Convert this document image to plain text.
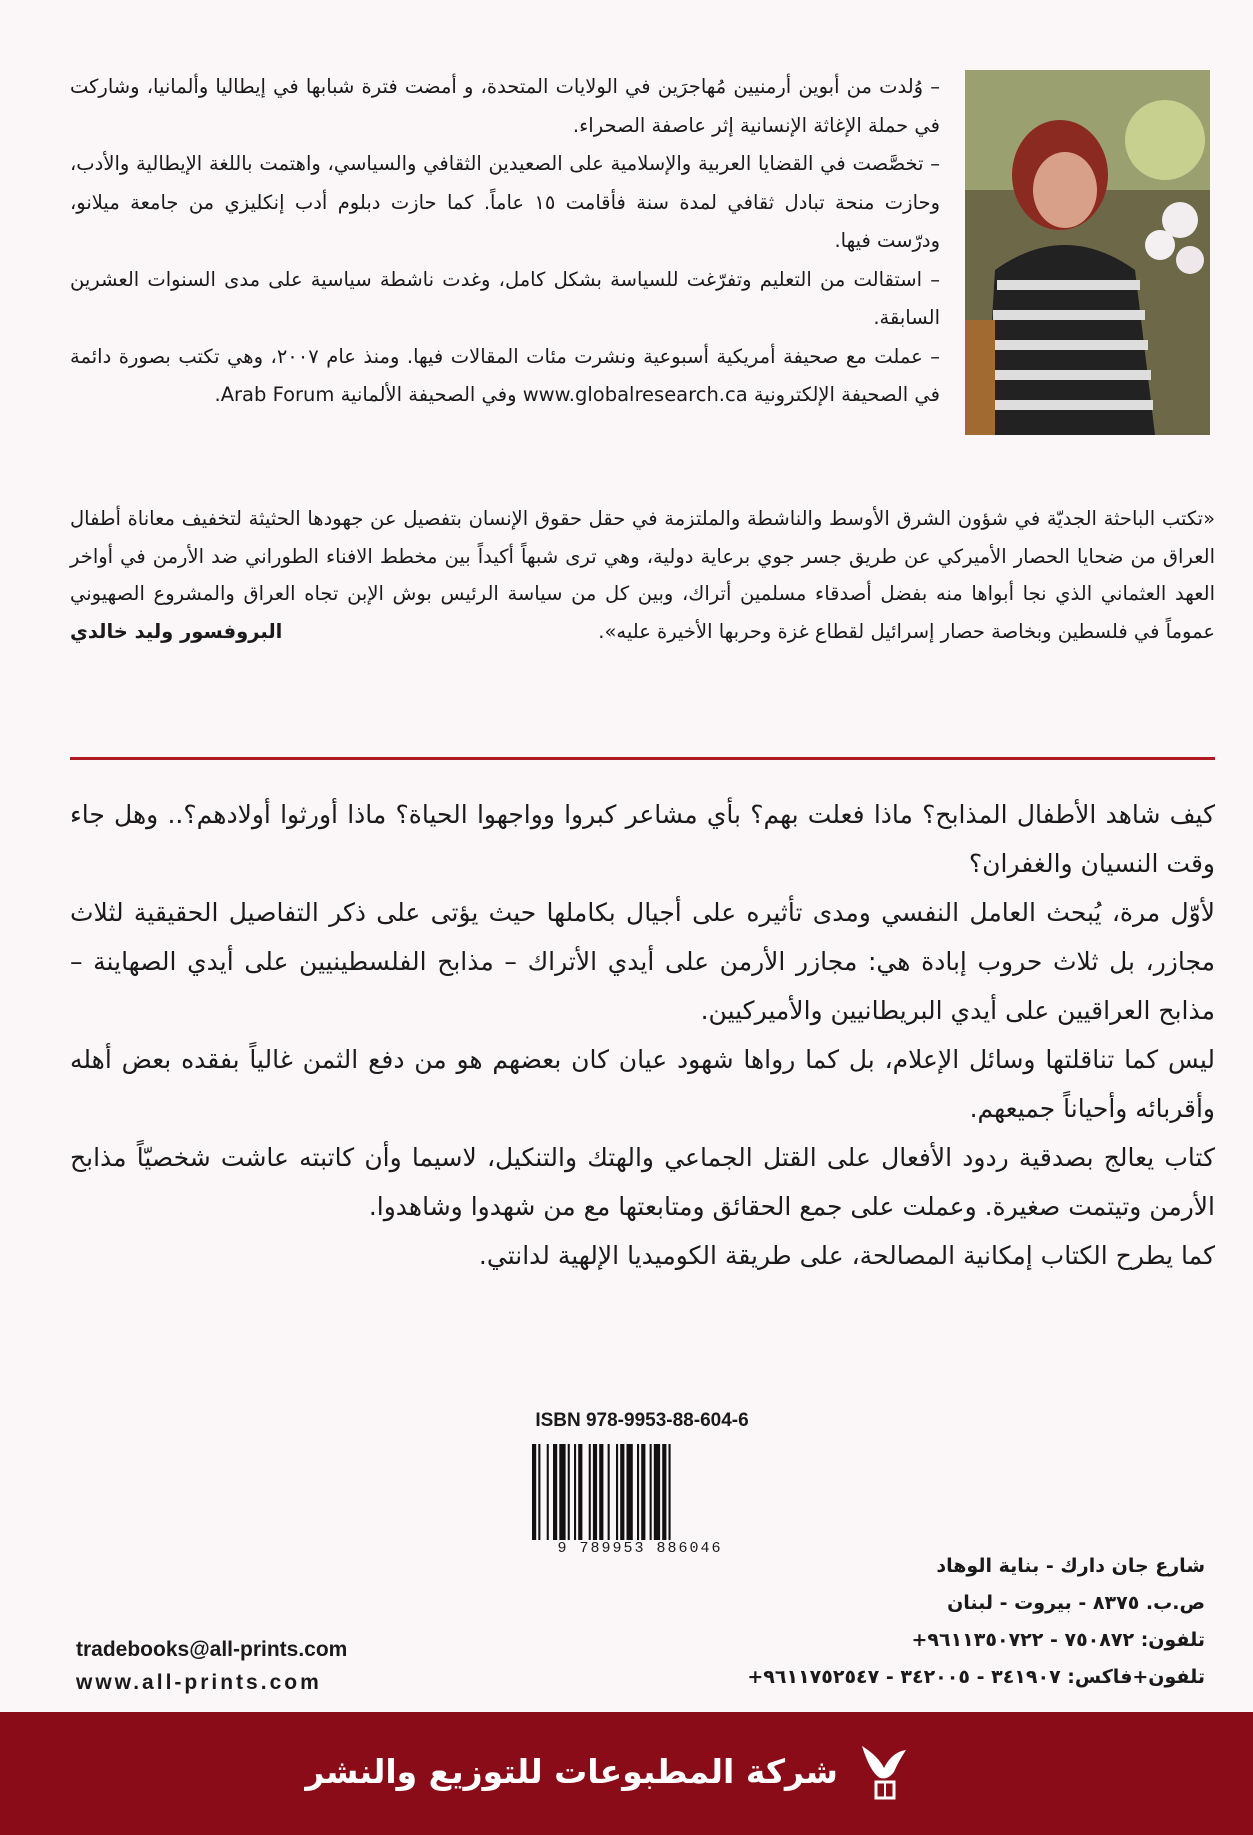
– وُلدت من أبوين أرمنيين مُهاجرَين في الولايات المتحدة، و أمضت فترة شبابها في إيطاليا وألمانيا، وشاركت في حملة الإغاثة الإنسانية إثر عاصفة الصحراء.

– تخصَّصت في القضايا العربية والإسلامية على الصعيدين الثقافي والسياسي، واهتمت باللغة الإيطالية والأدب، وحازت منحة تبادل ثقافي لمدة سنة فأقامت ١٥ عاماً. كما حازت دبلوم أدب إنكليزي من جامعة ميلانو، ودرّست فيها.

– استقالت من التعليم وتفرّغت للسياسة بشكل كامل، وغدت ناشطة سياسية على مدى السنوات العشرين السابقة.

– عملت مع صحيفة أمريكية أسبوعية ونشرت مئات المقالات فيها. ومنذ عام ٢٠٠٧، وهي تكتب بصورة دائمة في الصحيفة الإلكترونية www.globalresearch.ca وفي الصحيفة الألمانية Arab Forum.

«تكتب الباحثة الجديّة في شؤون الشرق الأوسط والناشطة والملتزمة في حقل حقوق الإنسان بتفصيل عن جهودها الحثيثة لتخفيف معاناة أطفال العراق من ضحايا الحصار الأميركي عن طريق جسر جوي برعاية دولية، وهي ترى شبهاً أكيداً بين مخطط الافناء الطوراني ضد الأرمن في أواخر العهد العثماني الذي نجا أبواها منه بفضل أصدقاء مسلمين أتراك، وبين كل من سياسة الرئيس بوش الإبن تجاه العراق والمشروع الصهيوني عموماً في فلسطين وبخاصة حصار إسرائيل لقطاع غزة وحربها الأخيرة عليه».
البروفسور وليد خالدي

كيف شاهد الأطفال المذابح؟ ماذا فعلت بهم؟ بأي مشاعر كبروا وواجهوا الحياة؟ ماذا أورثوا أولادهم؟.. وهل جاء وقت النسيان والغفران؟

لأوّل مرة، يُبحث العامل النفسي ومدى تأثيره على أجيال بكاملها حيث يؤتى على ذكر التفاصيل الحقيقية لثلاث مجازر، بل ثلاث حروب إبادة هي: مجازر الأرمن على أيدي الأتراك – مذابح الفلسطينيين على أيدي الصهاينة – مذابح العراقيين على أيدي البريطانيين والأميركيين.

ليس كما تناقلتها وسائل الإعلام، بل كما رواها شهود عيان كان بعضهم هو من دفع الثمن غالياً بفقده بعض أهله وأقربائه وأحياناً جميعهم.

كتاب يعالج بصدقية ردود الأفعال على القتل الجماعي والهتك والتنكيل، لاسيما وأن كاتبته عاشت شخصيّاً مذابح الأرمن وتيتمت صغيرة. وعملت على جمع الحقائق ومتابعتها مع من شهدوا وشاهدوا.

كما يطرح الكتاب إمكانية المصالحة، على طريقة الكوميديا الإلهية لدانتي.

ISBN 978-9953-88-604-6
9 789953 886046
شارع جان دارك - بناية الوهاد
ص.ب. ٨٣٧٥ - بيروت - لبنان
تلفون: ٧٥٠٨٧٢ - ٩٦١١٣٥٠٧٢٢+
تلفون+فاكس: ٣٤١٩٠٧ - ٣٤٢٠٠٥ - ٩٦١١٧٥٢٥٤٧+
tradebooks@all-prints.com
www.all-prints.com
شركة المطبوعات للتوزيع والنشر
